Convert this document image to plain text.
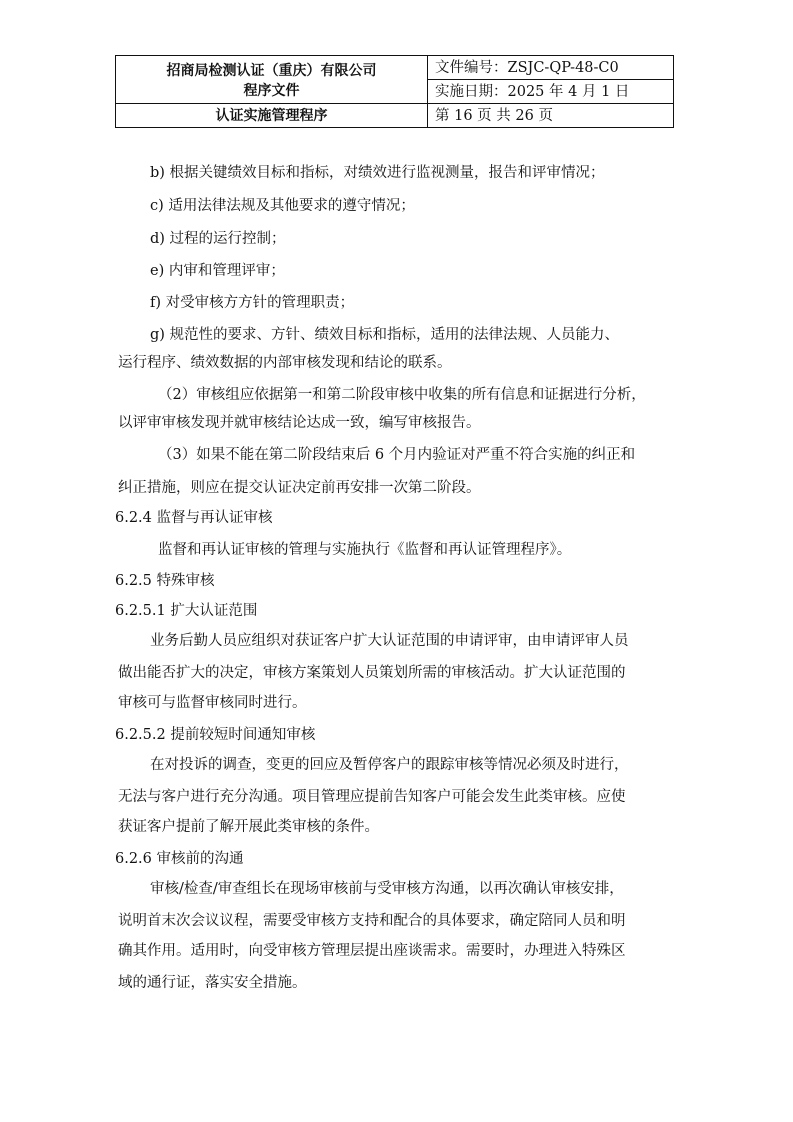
招商局检测认证（重庆）有限公司
程序文件	文件编号：ZSJC-QP-48-C0
	实施日期：2025 年 4 月 1 日
认证实施管理程序	第 16 页 共 26 页
b) 根据关键绩效目标和指标，对绩效进行监视测量，报告和评审情况；
c) 适用法律法规及其他要求的遵守情况；
d) 过程的运行控制；
e) 内审和管理评审；
f) 对受审核方方针的管理职责；
g) 规范性的要求、方针、绩效目标和指标，适用的法律法规、人员能力、
运行程序、绩效数据的内部审核发现和结论的联系。
（2）审核组应依据第一和第二阶段审核中收集的所有信息和证据进行分析，
以评审审核发现并就审核结论达成一致，编写审核报告。
（3）如果不能在第二阶段结束后 6 个月内验证对严重不符合实施的纠正和
纠正措施，则应在提交认证决定前再安排一次第二阶段。
6.2.4 监督与再认证审核
监督和再认证审核的管理与实施执行《监督和再认证管理程序》。
6.2.5 特殊审核
6.2.5.1 扩大认证范围
业务后勤人员应组织对获证客户扩大认证范围的申请评审，由申请评审人员
做出能否扩大的决定，审核方案策划人员策划所需的审核活动。扩大认证范围的
审核可与监督审核同时进行。
6.2.5.2 提前较短时间通知审核
在对投诉的调查，变更的回应及暂停客户的跟踪审核等情况必须及时进行，
无法与客户进行充分沟通。项目管理应提前告知客户可能会发生此类审核。应使
获证客户提前了解开展此类审核的条件。
6.2.6 审核前的沟通
审核/检查/审查组长在现场审核前与受审核方沟通，以再次确认审核安排，
说明首末次会议议程，需要受审核方支持和配合的具体要求，确定陪同人员和明
确其作用。适用时，向受审核方管理层提出座谈需求。需要时，办理进入特殊区
域的通行证，落实安全措施。
